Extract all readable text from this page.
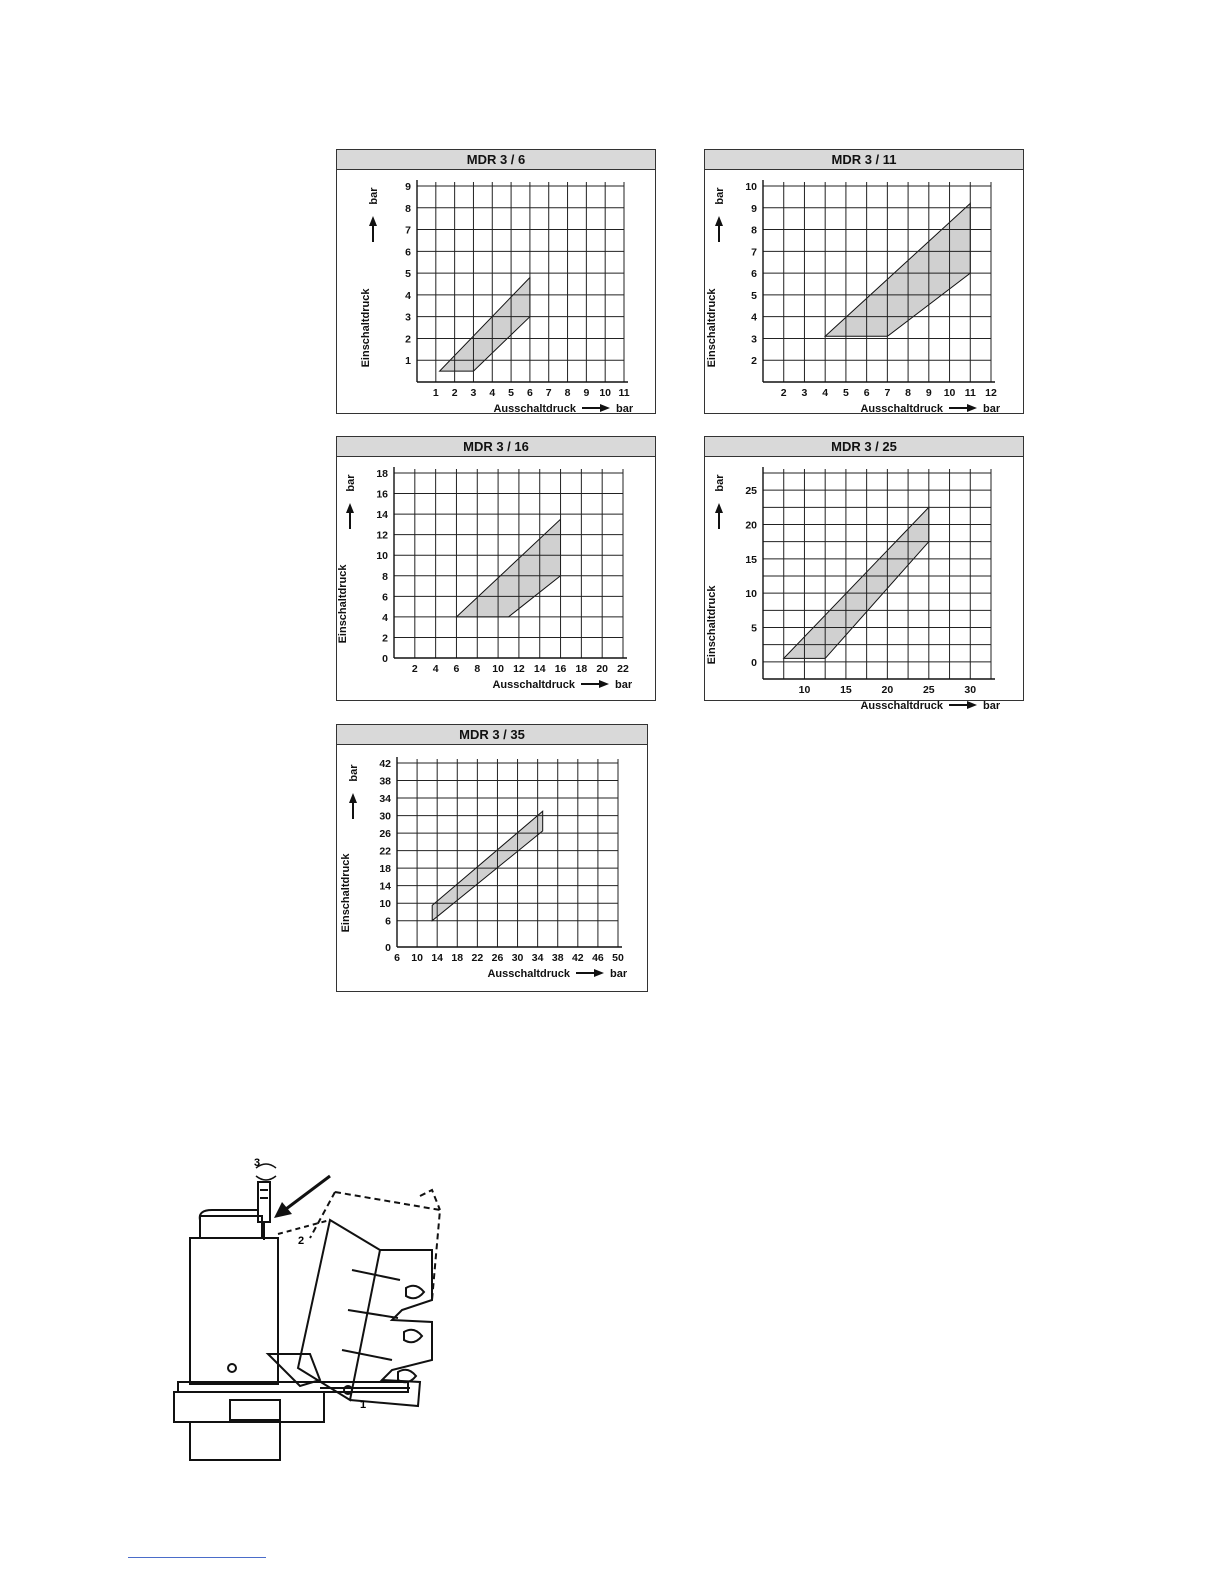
MDR 3 / 6
1 2 3 4 5 6 7 8 9 10 11
1
2
3
4
5
6
7
8
9
Ausschaltdruck	bar
Einschaltdruck
bar
MDR 3 / 11
2 3 4 5 6 7 8 9 10 11 12
2
3
4
5
6
7
8
9
10
Ausschaltdruck	bar
Einschaltdruck
bar
MDR 3 / 16
2 4 6 8 10 12 14 16 18 20 22
0
2
4
6
8
10
12
14
16
18
Ausschaltdruck	bar
Einschaltdruck
bar
MDR 3 / 25
10	15	20	25	30
0
5
10
15
20
25
Ausschaltdruck	bar
Einschaltdruck
bar
MDR 3 / 35
6 10 14 18 22 26 30 34 38 42 46 50
0
6
10
14
18
22
26
30
34
38
42
Ausschaltdruck	bar
Einschaltdruck
bar
3
2
1
